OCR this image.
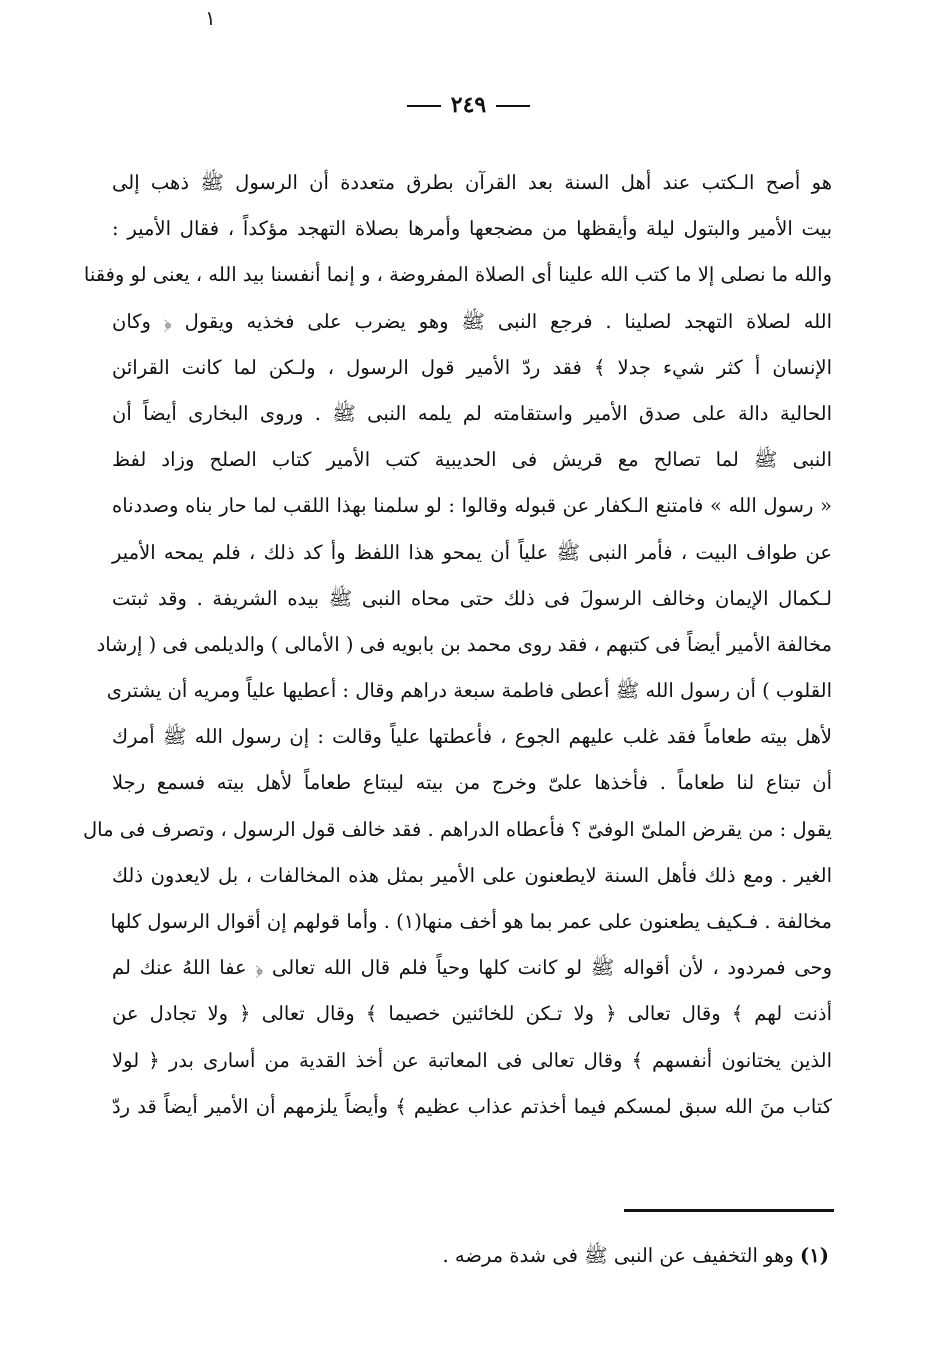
١
٢٤٩
هو أصح الـكتب عند أهل السنة بعد القرآن بطرق متعددة أن الرسول ﷺ ذهب إلى
بيت الأمير والبتول ليلة وأيقظها من مضجعها وأمرها بصلاة التهجد مؤكداً ، فقال الأمير :
والله ما نصلى إلا ما كتب الله علينا أى الصلاة المفروضة ، و إنما أنفسنا بيد الله ، يعنى لو وفقنا
الله لصلاة التهجد لصلينا . فرجع النبى ﷺ وهو يضرب على فخذيه ويقول ﴿ وكان
الإنسان أ كثر شيء جدلا ﴾ فقد ردّ الأمير قول الرسول ، ولـكن لما كانت القرائن
الحالية دالة على صدق الأمير واستقامته لم يلمه النبى ﷺ . وروى البخارى أيضاً أن
النبى ﷺ لما تصالح مع قريش فى الحديبية كتب الأمير كتاب الصلح وزاد لفظ
« رسول الله » فامتنع الـكفار عن قبوله وقالوا : لو سلمنا بهذا اللقب لما حار بناه وصددناه
عن طواف البيت ، فأمر النبى ﷺ علياً أن يمحو هذا اللفظ وأ كد ذلك ، فلم يمحه الأمير
لـكمال الإيمان وخالف الرسولَ فى ذلك حتى محاه النبى ﷺ بيده الشريفة . وقد ثبتت
مخالفة الأمير أيضاً فى كتبهم ، فقد روى محمد بن بابويه فى ( الأمالى ) والديلمى فى ( إرشاد
القلوب ) أن رسول الله ﷺ أعطى فاطمة سبعة دراهم وقال : أعطيها علياً ومريه أن يشترى
لأهل بيته طعاماً فقد غلب عليهم الجوع ، فأعطتها علياً وقالت : إن رسول الله ﷺ أمرك
أن تبتاع لنا طعاماً . فأخذها علىّ وخرج من بيته ليبتاع طعاماً لأهل بيته فسمع رجلا
يقول : من يقرض الملىّ الوفىّ ؟ فأعطاه الدراهم . فقد خالف قول الرسول ، وتصرف فى مال
الغير . ومع ذلك فأهل السنة لايطعنون على الأمير بمثل هذه المخالفات ، بل لايعدون ذلك
مخالفة . فـكيف يطعنون على عمر بما هو أخف منها(١) . وأما قولهم إن أقوال الرسول كلها
وحى فمردود ، لأن أقواله ﷺ لو كانت كلها وحياً فلم قال الله تعالى ﴿ عفا اللهُ عنك لم
أذنت لهم ﴾ وقال تعالى ﴿ ولا تـكن للخائنين خصيما ﴾ وقال تعالى ﴿ ولا تجادل عن
الذين يختانون أنفسهم ﴾ وقال تعالى فى المعاتبة عن أخذ القدية من أسارى بدر ﴿ لولا
كتاب منَ الله سبق لمسكم فيما أخذتم عذاب عظيم ﴾ وأيضاً يلزمهم أن الأمير أيضاً قد ردّ
(١) وهو التخفيف عن النبى ﷺ فى شدة مرضه .
